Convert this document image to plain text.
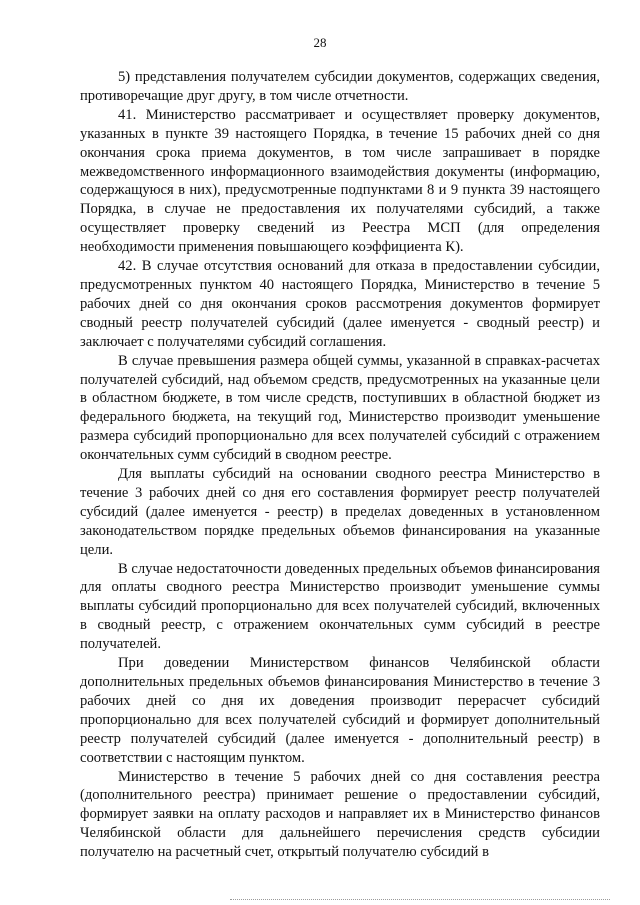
28

5) представления получателем субсидии документов, содержащих сведения, противоречащие друг другу, в том числе отчетности.

41. Министерство рассматривает и осуществляет проверку документов, указанных в пункте 39 настоящего Порядка, в течение 15 рабочих дней со дня окончания срока приема документов, в том числе запрашивает в порядке межведомственного информационного взаимодействия документы (информацию, содержащуюся в них), предусмотренные подпунктами 8 и 9 пункта 39 настоящего Порядка, в случае не предоставления их получателями субсидий, а также осуществляет проверку сведений из Реестра МСП (для определения необходимости применения повышающего коэффициента К).

42. В случае отсутствия оснований для отказа в предоставлении субсидии, предусмотренных пунктом 40 настоящего Порядка, Министерство в течение 5 рабочих дней со дня окончания сроков рассмотрения документов формирует сводный реестр получателей субсидий (далее именуется - сводный реестр) и заключает с получателями субсидий соглашения.

В случае превышения размера общей суммы, указанной в справках-расчетах получателей субсидий, над объемом средств, предусмотренных на указанные цели в областном бюджете, в том числе средств, поступивших в областной бюджет из федерального бюджета, на текущий год, Министерство производит уменьшение размера субсидий пропорционально для всех получателей субсидий с отражением окончательных сумм субсидий в сводном реестре.

Для выплаты субсидий на основании сводного реестра Министерство в течение 3 рабочих дней со дня его составления формирует реестр получателей субсидий (далее именуется - реестр) в пределах доведенных в установленном законодательством порядке предельных объемов финансирования на указанные цели.

В случае недостаточности доведенных предельных объемов финансирования для оплаты сводного реестра Министерство производит уменьшение суммы выплаты субсидий пропорционально для всех получателей субсидий, включенных в сводный реестр, с отражением окончательных сумм субсидий в реестре получателей.

При доведении Министерством финансов Челябинской области дополнительных предельных объемов финансирования Министерство в течение 3 рабочих дней со дня их доведения производит перерасчет субсидий пропорционально для всех получателей субсидий и формирует дополнительный реестр получателей субсидий (далее именуется - дополнительный реестр) в соответствии с настоящим пунктом.

Министерство в течение 5 рабочих дней со дня составления реестра (дополнительного реестра) принимает решение о предоставлении субсидий, формирует заявки на оплату расходов и направляет их в Министерство финансов Челябинской области для дальнейшего перечисления средств субсидии получателю на расчетный счет, открытый получателю субсидий в
